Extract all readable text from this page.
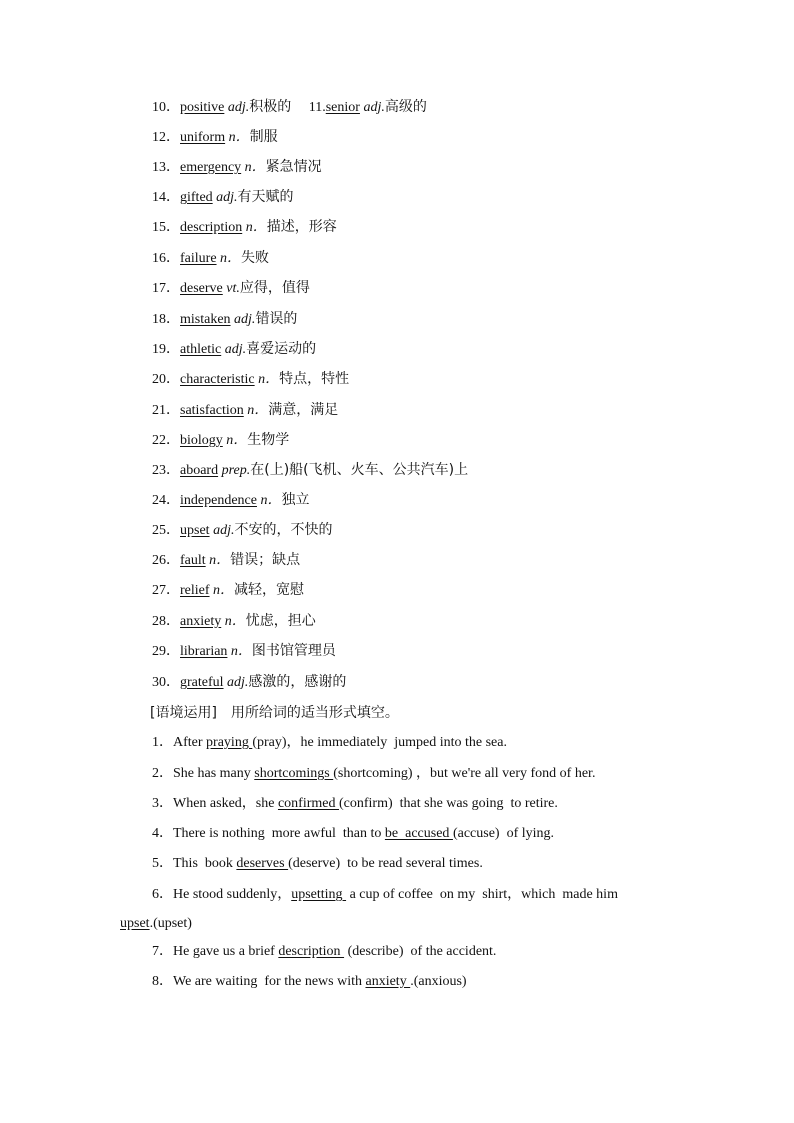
10．positive adj.积极的 11.senior adj.高级的
12．uniform n．制服
13．emergency n．紧急情况
14．gifted adj.有天赋的
15．description n．描述，形容
16．failure n．失败
17．deserve vt.应得，值得
18．mistaken adj.错误的
19．athletic adj.喜爱运动的
20．characteristic n．特点，特性
21．satisfaction n．满意，满足
22．biology n．生物学
23．aboard prep.在(上)船(飞机、火车、公共汽车)上
24．independence n．独立
25．upset adj.不安的，不快的
26．fault n．错误；缺点
27．relief n．减轻，宽慰
28．anxiety n．忧虑，担心
29．librarian n．图书馆管理员
30．grateful adj.感激的，感谢的
[语境运用]　用所给词的适当形式填空。
1．After praying (pray)，he immediately  jumped into the sea.
2．She has many shortcomings (shortcoming) ，but we're all very fond of her.
3．When asked，she confirmed (confirm)  that she was going  to retire.
4．There is nothing  more awful  than to be  accused (accuse)  of lying.
5．This  book deserves (deserve)  to be read several times.
6．He stood suddenly，upsetting  a cup of coffee  on my  shirt，which  made him
upset.(upset)
7．He gave us a brief description  (describe)  of the accident.
8．We are waiting  for the news with anxiety .(anxious)
